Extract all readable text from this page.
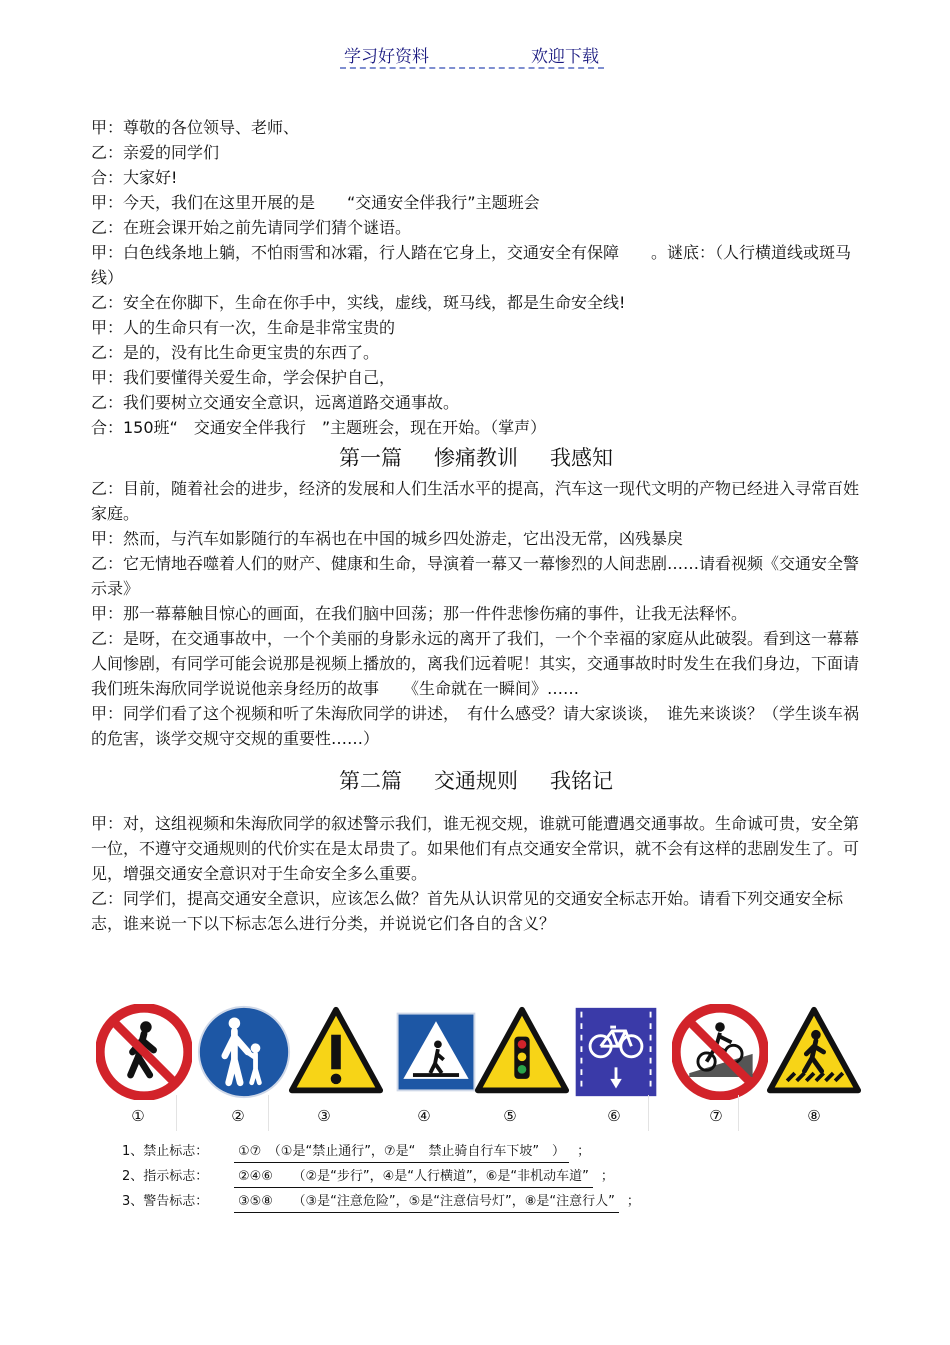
学习好资料	欢迎下载

甲：尊敬的各位领导、老师、

乙：亲爱的同学们

合：大家好!

甲：今天，我们在这里开展的是　　“交通安全伴我行”主题班会

乙：在班会课开始之前先请同学们猜个谜语。

甲：白色线条地上躺，不怕雨雪和冰霜，行人踏在它身上，交通安全有保障　　。谜底：（人行横道线或斑马线）

乙：安全在你脚下，生命在你手中，实线，虚线，斑马线，都是生命安全线!

甲：人的生命只有一次，生命是非常宝贵的

乙：是的，没有比生命更宝贵的东西了。

甲：我们要懂得关爱生命，学会保护自己，

乙：我们要树立交通安全意识，远离道路交通事故。

合：150班“　交通安全伴我行　”主题班会，现在开始。（掌声）

第一篇 惨痛教训 我感知

乙：目前，随着社会的进步，经济的发展和人们生活水平的提高，汽车这一现代文明的产物已经进入寻常百姓家庭。

甲：然而，与汽车如影随行的车祸也在中国的城乡四处游走，它出没无常，凶残暴戾

乙：它无情地吞噬着人们的财产、健康和生命，导演着一幕又一幕惨烈的人间悲剧……请看视频《交通安全警示录》

甲：那一幕幕触目惊心的画面，在我们脑中回荡；那一件件悲惨伤痛的事件，让我无法释怀。

乙：是呀，在交通事故中，一个个美丽的身影永远的离开了我们，一个个幸福的家庭从此破裂。看到这一幕幕人间惨剧，有同学可能会说那是视频上播放的，离我们远着呢！其实，交通事故时时发生在我们身边，下面请我们班朱海欣同学说说他亲身经历的故事　　《生命就在一瞬间》……

甲：同学们看了这个视频和听了朱海欣同学的讲述，　有什么感受？请大家谈谈，　谁先来谈谈？（学生谈车祸的危害，谈学交规守交规的重要性……）

第二篇 交通规则 我铭记

甲：对，这组视频和朱海欣同学的叙述警示我们，谁无视交规，谁就可能遭遇交通事故。生命诚可贵，安全第一位，不遵守交通规则的代价实在是太昂贵了。如果他们有点交通安全常识，就不会有这样的悲剧发生了。可见，增强交通安全意识对于生命安全多么重要。

乙：同学们，提高交通安全意识，应该怎么做？首先从认识常见的交通安全标志开始。请看下列交通安全标志，谁来说一下以下标志怎么进行分类，并说说它们各自的含义？

①	②	③	④	⑤	⑥	⑦	⑧
1、禁止标志： ①⑦　（①是“禁止通行”，⑦是“　禁止骑自行车下坡”　） ；
2、指示标志： ②④⑥　　（②是“步行”，④是“人行横道”，⑥是“非机动车道” ；
3、警告标志： ③⑤⑧　　（③是“注意危险”，⑤是“注意信号灯”，⑧是“注意行人” ；
